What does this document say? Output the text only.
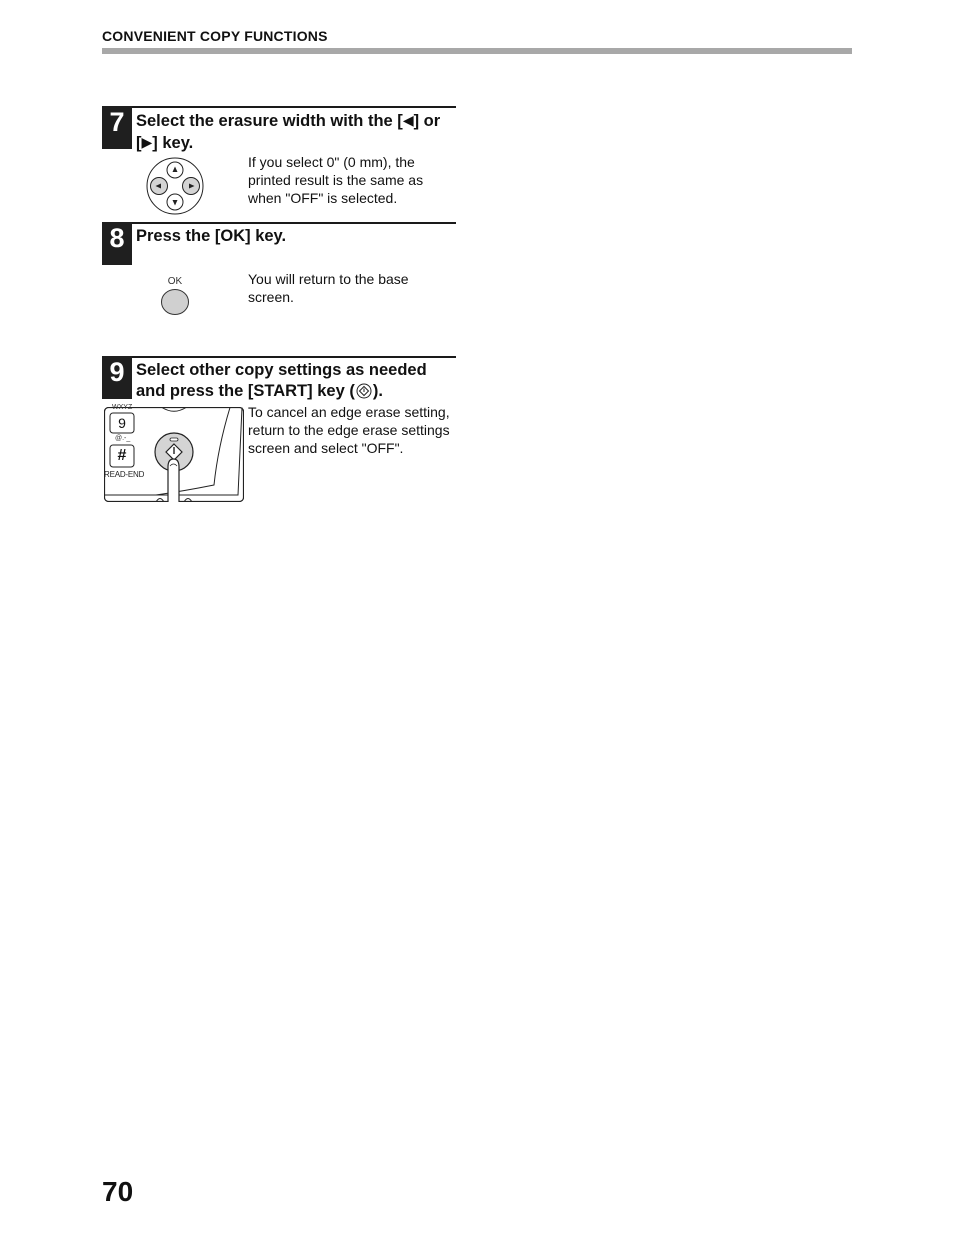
CONVENIENT COPY FUNCTIONS
7 Select the erasure width with the [◀] or [▶] key.
If you select 0" (0 mm), the printed result is the same as when "OFF" is selected.
8 Press the [OK] key.
OK	You will return to the base screen.
9 Select other copy settings as needed and press the [START] key ( ).
WXYZ
9
@.-_
#
READ-END
To cancel an edge erase setting, return to the edge erase settings screen and select "OFF".
70
